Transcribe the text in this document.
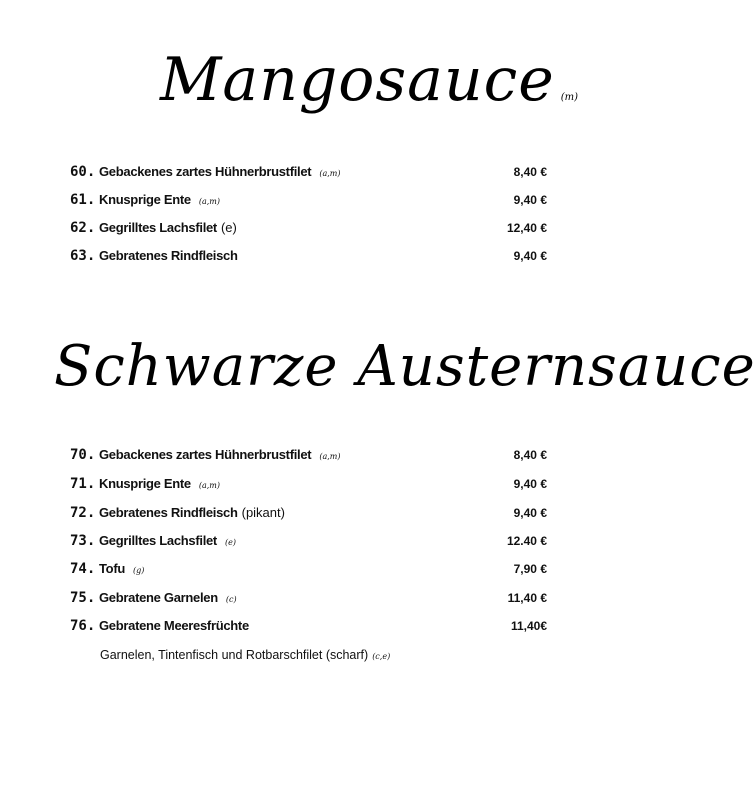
Mangosauce (m)
60. Gebackenes zartes Hühnerbrustfilet (a,m)	8,40 €
61. Knusprige Ente (a,m)	9,40 €
62. Gegrilltes Lachsfilet (e)	12,40 €
63. Gebratenes Rindfleisch	9,40 €
Schwarze Austernsauce
70. Gebackenes zartes Hühnerbrustfilet (a,m)	8,40 €
71. Knusprige Ente (a,m)	9,40 €
72. Gebratenes Rindfleisch (pikant)	9,40 €
73. Gegrilltes Lachsfilet (e)	12.40 €
74. Tofu (g)	7,90 €
75. Gebratene Garnelen (c)	11,40 €
76. Gebratene Meeresfrüchte	11,40€
Garnelen, Tintenfisch und Rotbarschfilet (scharf) (c,e)
